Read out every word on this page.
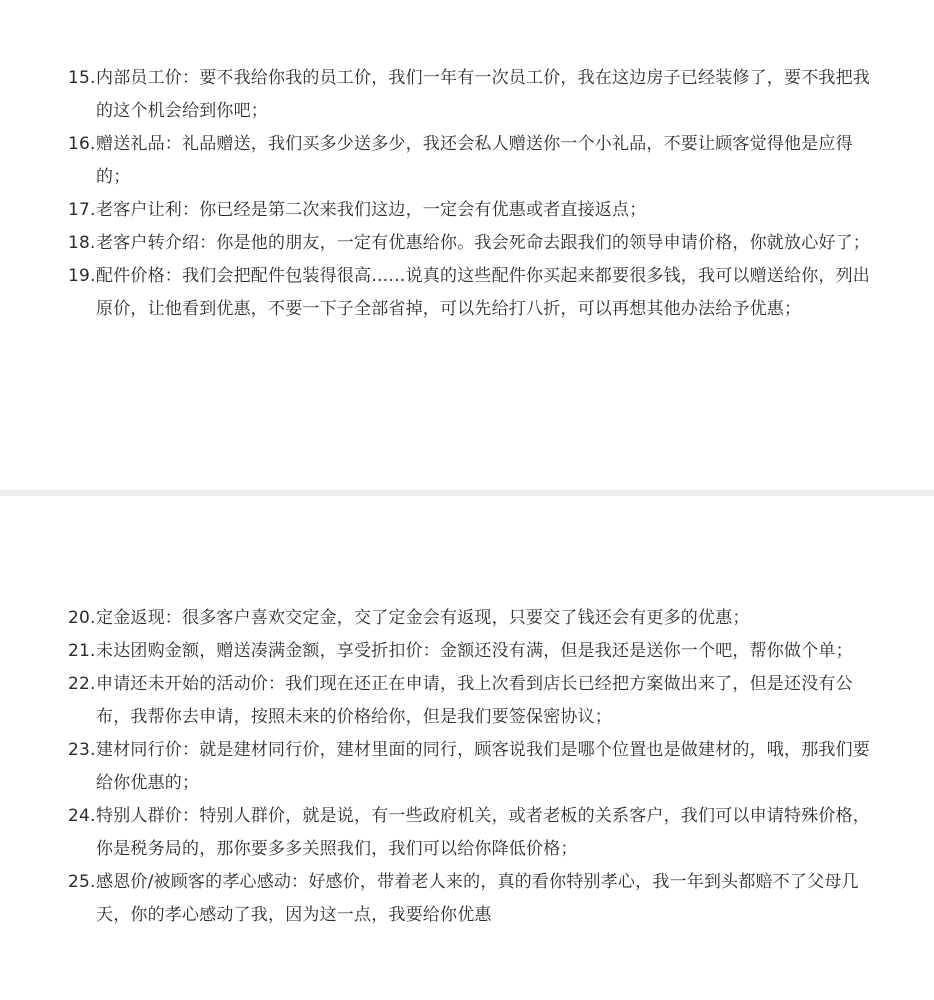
15. 内部员工价：要不我给你我的员工价，我们一年有一次员工价，我在这边房子已经装修了，要不我把我的这个机会给到你吧；
16. 赠送礼品：礼品赠送，我们买多少送多少，我还会私人赠送你一个小礼品，不要让顾客觉得他是应得的；
17. 老客户让利：你已经是第二次来我们这边，一定会有优惠或者直接返点；
18. 老客户转介绍：你是他的朋友，一定有优惠给你。我会死命去跟我们的领导申请价格，你就放心好了；
19. 配件价格：我们会把配件包装得很高……说真的这些配件你买起来都要很多钱，我可以赠送给你，列出原价，让他看到优惠，不要一下子全部省掉，可以先给打八折，可以再想其他办法给予优惠；
20. 定金返现：很多客户喜欢交定金，交了定金会有返现，只要交了钱还会有更多的优惠；
21. 未达团购金额，赠送凑满金额，享受折扣价：金额还没有满，但是我还是送你一个吧，帮你做个单；
22. 申请还未开始的活动价：我们现在还正在申请，我上次看到店长已经把方案做出来了，但是还没有公布，我帮你去申请，按照未来的价格给你，但是我们要签保密协议；
23. 建材同行价：就是建材同行价，建材里面的同行，顾客说我们是哪个位置也是做建材的，哦，那我们要给你优惠的；
24. 特别人群价：特别人群价，就是说，有一些政府机关，或者老板的关系客户，我们可以申请特殊价格，你是税务局的，那你要多多关照我们，我们可以给你降低价格；
25. 感恩价/被顾客的孝心感动：好感价，带着老人来的，真的看你特别孝心，我一年到头都赔不了父母几天，你的孝心感动了我，因为这一点，我要给你优惠
